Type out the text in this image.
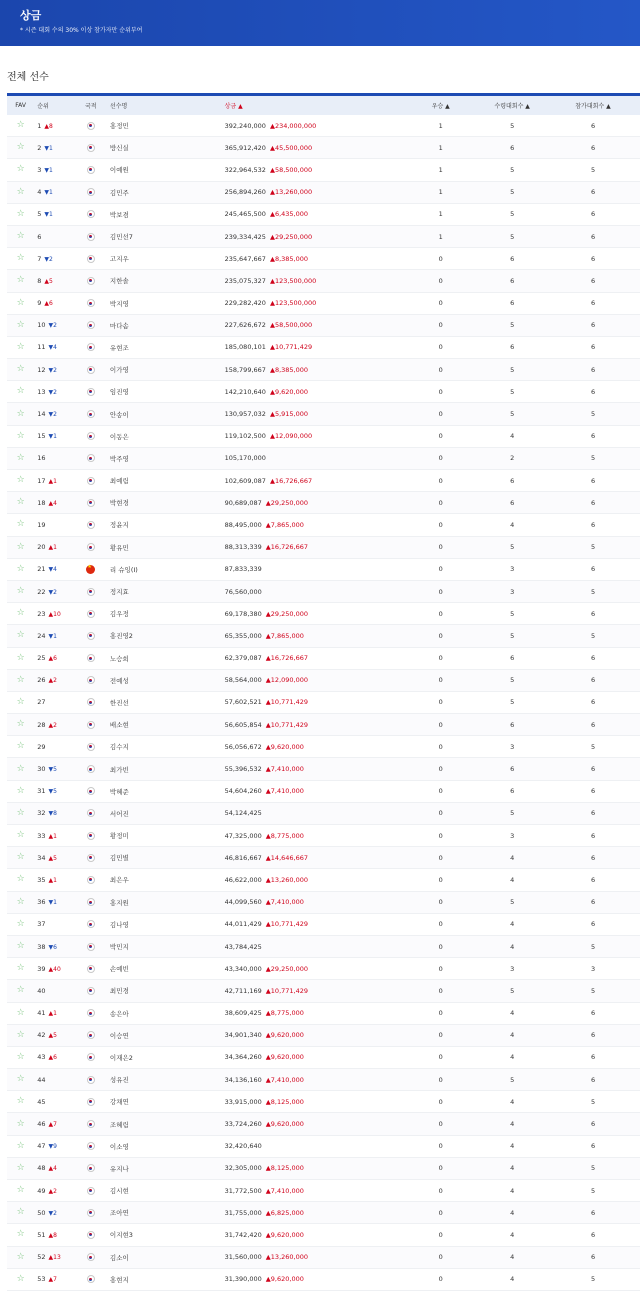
상금
* 시즌 대회 수의 30% 이상 참가자만 순위부여
전체 선수
FAV	순위	국적	선수명	상금 ▲	우승 ▲	수령대회수 ▲	참가대회수 ▲
☆	1 ▲8	홍정민	392,240,000 ▲234,000,000	1	5	6
☆	2 ▼1	방신실	365,912,420 ▲45,500,000	1	6	6
☆	3 ▼1	이예원	322,964,532 ▲58,500,000	1	5	5
☆	4 ▼1	김민주	256,894,260 ▲13,260,000	1	5	6
☆	5 ▼1	박보겸	245,465,500 ▲6,435,000	1	5	6
☆	6	김민선7	239,334,425 ▲29,250,000	1	5	6
☆	7 ▼2	고지우	235,647,667 ▲8,385,000	0	6	6
☆	8 ▲5	지한솔	235,075,327 ▲123,500,000	0	6	6
☆	9 ▲6	박지영	229,282,420 ▲123,500,000	0	6	6
☆	10 ▼2	마다솜	227,626,672 ▲58,500,000	0	5	6
☆	11 ▼4	유현조	185,080,101 ▲10,771,429	0	6	6
☆	12 ▼2	이가영	158,799,667 ▲8,385,000	0	5	6
☆	13 ▼2	임진영	142,210,640 ▲9,620,000	0	5	6
☆	14 ▼2	안송이	130,957,032 ▲5,915,000	0	5	5
☆	15 ▼1	이동은	119,102,500 ▲12,090,000	0	4	6
☆	16	박주영	105,170,000	0	2	5
☆	17 ▲1	최예림	102,609,087 ▲16,726,667	0	6	6
☆	18 ▲4	박현경	90,689,087 ▲29,250,000	0	6	6
☆	19	정윤지	88,495,000 ▲7,865,000	0	4	6
☆	20 ▲1	황유민	88,313,339 ▲16,726,667	0	5	5
☆	21 ▼4
★	리 슈잉(I)	87,833,339	0	3	6
☆	22 ▼2	정지효	76,560,000	0	3	5
☆	23 ▲10	김우정	69,178,380 ▲29,250,000	0	5	6
☆	24 ▼1	홍진영2	65,355,000 ▲7,865,000	0	5	5
☆	25 ▲6	노승희	62,379,087 ▲16,726,667	0	6	6
☆	26 ▲2	전예성	58,564,000 ▲12,090,000	0	5	6
☆	27	한진선	57,602,521 ▲10,771,429	0	5	6
☆	28 ▲2	배소현	56,605,854 ▲10,771,429	0	6	6
☆	29	김수지	56,056,672 ▲9,620,000	0	3	5
☆	30 ▼5	최가빈	55,396,532 ▲7,410,000	0	6	6
☆	31 ▼5	박혜준	54,604,260 ▲7,410,000	0	6	6
☆	32 ▼8	서어진	54,124,425	0	5	6
☆	33 ▲1	황정미	47,325,000 ▲8,775,000	0	3	6
☆	34 ▲5	김민별	46,816,667 ▲14,646,667	0	4	6
☆	35 ▲1	최은우	46,622,000 ▲13,260,000	0	4	6
☆	36 ▼1	홍지원	44,099,560 ▲7,410,000	0	5	6
☆	37	김나영	44,011,429 ▲10,771,429	0	4	6
☆	38 ▼6	박민지	43,784,425	0	4	5
☆	39 ▲40	손예빈	43,340,000 ▲29,250,000	0	3	3
☆	40	최민경	42,711,169 ▲10,771,429	0	5	5
☆	41 ▲1	송은아	38,609,425 ▲8,775,000	0	4	6
☆	42 ▲5	이승연	34,901,340 ▲9,620,000	0	4	6
☆	43 ▲6	이재은2	34,364,260 ▲9,620,000	0	4	6
☆	44	성유진	34,136,160 ▲7,410,000	0	5	6
☆	45	강채연	33,915,000 ▲8,125,000	0	4	5
☆	46 ▲7	조혜림	33,724,260 ▲9,620,000	0	4	6
☆	47 ▼9	이소영	32,420,640	0	4	6
☆	48 ▲4	유지나	32,305,000 ▲8,125,000	0	4	5
☆	49 ▲2	김시현	31,772,500 ▲7,410,000	0	4	5
☆	50 ▼2	조아연	31,755,000 ▲6,825,000	0	4	6
☆	51 ▲8	이지현3	31,742,420 ▲9,620,000	0	4	6
☆	52 ▲13	김소이	31,560,000 ▲13,260,000	0	4	6
☆	53 ▲7	홍현지	31,390,000 ▲9,620,000	0	4	5
